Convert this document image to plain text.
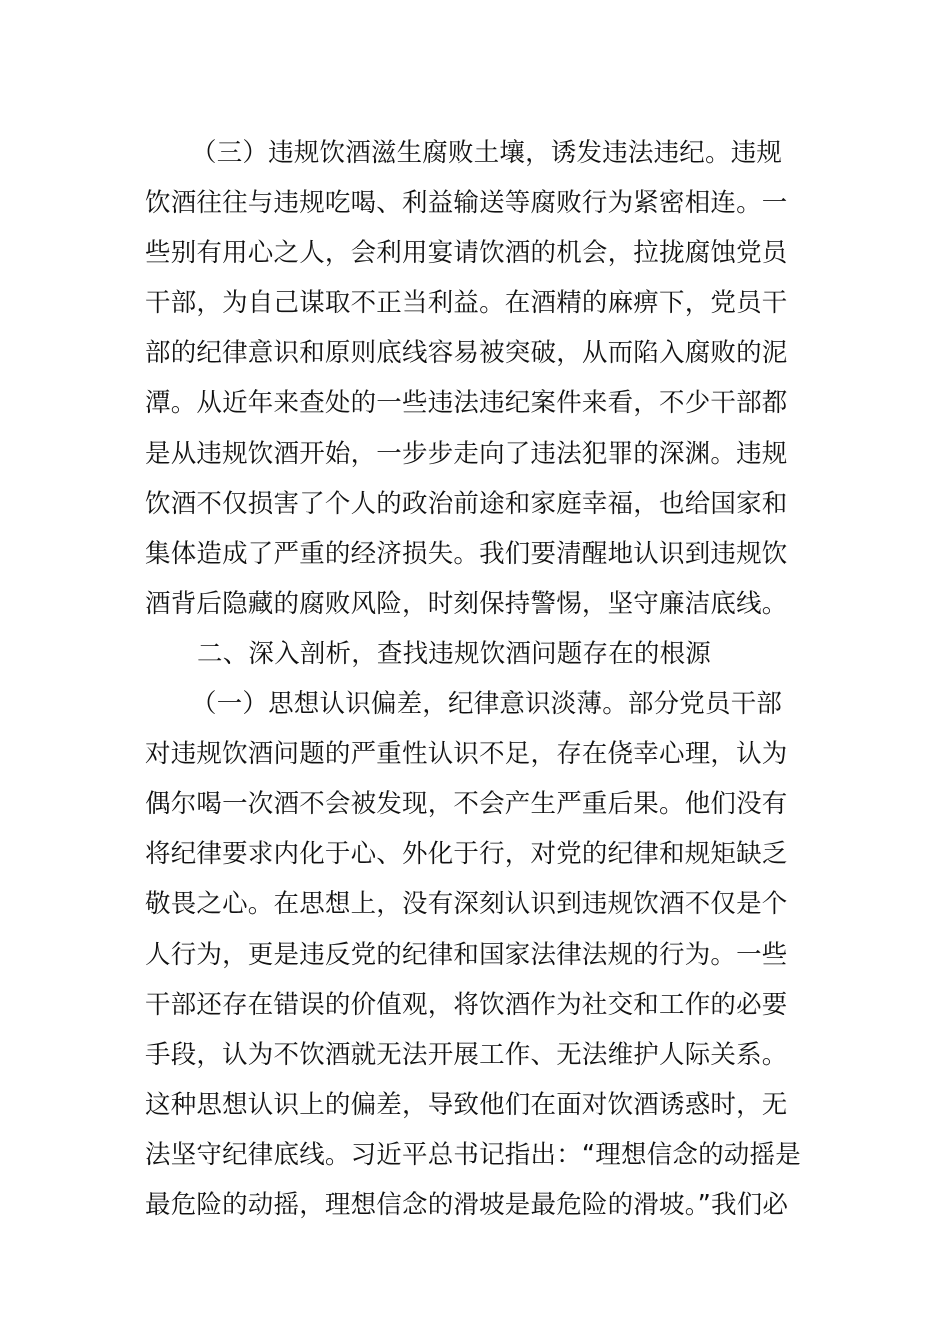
（三）违规饮酒滋生腐败土壤，诱发违法违纪。违规
饮酒往往与违规吃喝、利益输送等腐败行为紧密相连。一
些别有用心之人，会利用宴请饮酒的机会，拉拢腐蚀党员
干部，为自己谋取不正当利益。在酒精的麻痹下，党员干
部的纪律意识和原则底线容易被突破，从而陷入腐败的泥
潭。从近年来查处的一些违法违纪案件来看，不少干部都
是从违规饮酒开始，一步步走向了违法犯罪的深渊。违规
饮酒不仅损害了个人的政治前途和家庭幸福，也给国家和
集体造成了严重的经济损失。我们要清醒地认识到违规饮
酒背后隐藏的腐败风险，时刻保持警惕，坚守廉洁底线。
二、深入剖析，查找违规饮酒问题存在的根源
（一）思想认识偏差，纪律意识淡薄。部分党员干部
对违规饮酒问题的严重性认识不足，存在侥幸心理，认为
偶尔喝一次酒不会被发现，不会产生严重后果。他们没有
将纪律要求内化于心、外化于行，对党的纪律和规矩缺乏
敬畏之心。在思想上，没有深刻认识到违规饮酒不仅是个
人行为，更是违反党的纪律和国家法律法规的行为。一些
干部还存在错误的价值观，将饮酒作为社交和工作的必要
手段，认为不饮酒就无法开展工作、无法维护人际关系。
这种思想认识上的偏差，导致他们在面对饮酒诱惑时，无
法坚守纪律底线。习近平总书记指出：“理想信念的动摇是
最危险的动摇，理想信念的滑坡是最危险的滑坡。”我们必
